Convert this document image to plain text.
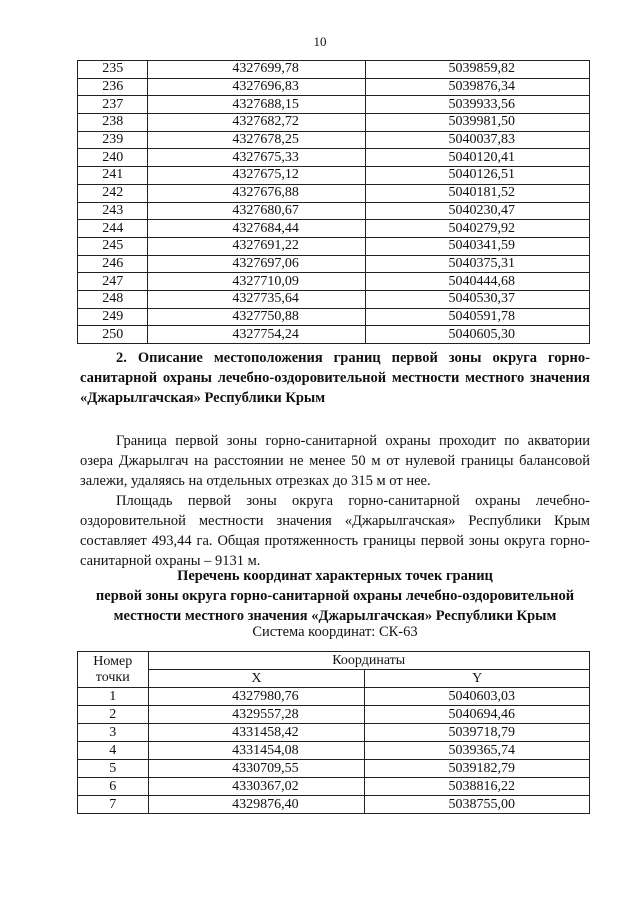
10
235	4327699,78	5039859,82
236	4327696,83	5039876,34
237	4327688,15	5039933,56
238	4327682,72	5039981,50
239	4327678,25	5040037,83
240	4327675,33	5040120,41
241	4327675,12	5040126,51
242	4327676,88	5040181,52
243	4327680,67	5040230,47
244	4327684,44	5040279,92
245	4327691,22	5040341,59
246	4327697,06	5040375,31
247	4327710,09	5040444,68
248	4327735,64	5040530,37
249	4327750,88	5040591,78
250	4327754,24	5040605,30
2. Описание местоположения границ первой зоны округа горно-санитарной охраны лечебно-оздоровительной местности местного значения «Джарылгачская» Республики Крым
Граница первой зоны горно-санитарной охраны проходит по акватории озера Джарылгач на расстоянии не менее 50 м от нулевой границы балансовой залежи, удаляясь на отдельных отрезках до 315 м от нее.
Площадь первой зоны округа горно-санитарной охраны лечебно-оздоровительной местности значения «Джарылгачская» Республики Крым составляет 493,44 га. Общая протяженность границы первой зоны округа горно-санитарной охраны – 9131 м.
Перечень координат характерных точек границ
первой зоны округа горно-санитарной охраны лечебно-оздоровительной
местности местного значения «Джарылгачская» Республики Крым
Система координат: СК-63
Номер точки	Координаты	
	X	Y
1	4327980,76	5040603,03
2	4329557,28	5040694,46
3	4331458,42	5039718,79
4	4331454,08	5039365,74
5	4330709,55	5039182,79
6	4330367,02	5038816,22
7	4329876,40	5038755,00
